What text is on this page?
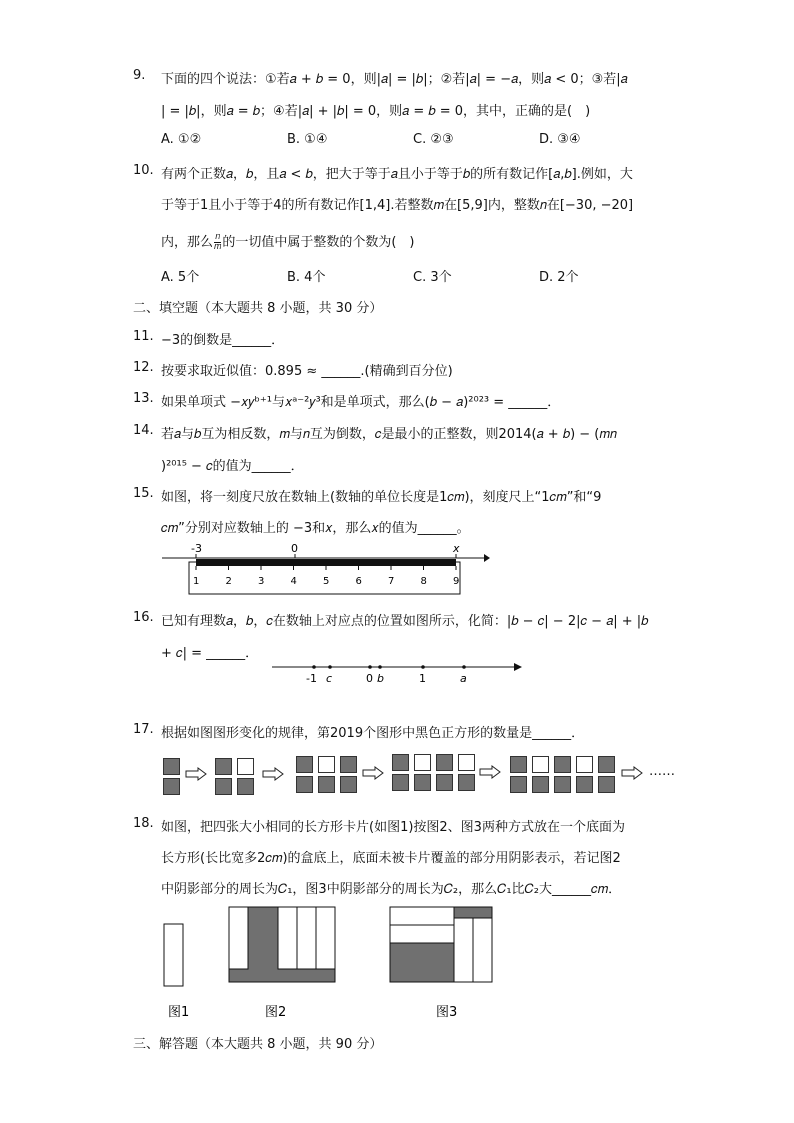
9. 下面的四个说法：①若𝑎 + 𝑏 = 0，则|𝑎| = |𝑏|；②若|𝑎| = −𝑎，则𝑎 < 0；③若|𝑎
| = |𝑏|，则𝑎 = 𝑏；④若|𝑎| + |𝑏| = 0，则𝑎 = 𝑏 = 0，其中，正确的是(　)
A. ①②	B. ①④	C. ②③	D. ③④
10. 有两个正数𝑎，𝑏，且𝑎 < 𝑏，把大于等于𝑎且小于等于𝑏的所有数记作[𝑎,𝑏].例如，大
于等于1且小于等于4的所有数记作[1,4].若整数𝑚在[5,9]内，整数𝑛在[−30, −20]
内，那么 𝑛
𝑚 的一切值中属于整数的个数为(　)
A. 5个	B. 4个	C. 3个	D. 2个
二、填空题（本大题共 8 小题，共 30 分）
11. −3的倒数是______．
12. 按要求取近似值：0.895 ≈ ______.(精确到百分位)
13. 如果单项式 −𝑥𝑦ᵇ⁺¹与𝑥ᵃ⁻²𝑦³和是单项式，那么(𝑏 − 𝑎)²⁰²³ = ______．
14. 若𝑎与𝑏互为相反数，𝑚与𝑛互为倒数，𝑐是最小的正整数，则2014(𝑎 + 𝑏) − (𝑚𝑛
)²⁰¹⁵ − 𝑐的值为______．
15. 如图，将一刻度尺放在数轴上(数轴的单位长度是1𝑐𝑚)，刻度尺上“1𝑐𝑚”和“9
𝑐𝑚”分别对应数轴上的 −3和𝑥，那么𝑥的值为______。
-3	0	x
1	2	3	4	5	6	7	8	9
16. 已知有理数𝑎，𝑏，𝑐在数轴上对应点的位置如图所示，化简：|𝑏 − 𝑐| − 2|𝑐 − 𝑎| + |𝑏
+ 𝑐| = ______．
-1 c	0 b	1	a
17. 根据如图图形变化的规律，第2019个图形中黑色正方形的数量是______．
……
18. 如图，把四张大小相同的长方形卡片(如图1)按图2、图3两种方式放在一个底面为
长方形(长比宽多2𝑐𝑚)的盒底上，底面未被卡片覆盖的部分用阴影表示，若记图2
中阴影部分的周长为𝐶₁，图3中阴影部分的周长为𝐶₂，那么𝐶₁比𝐶₂大______𝑐𝑚．
图1	图2	图3
三、解答题（本大题共 8 小题，共 90 分）
